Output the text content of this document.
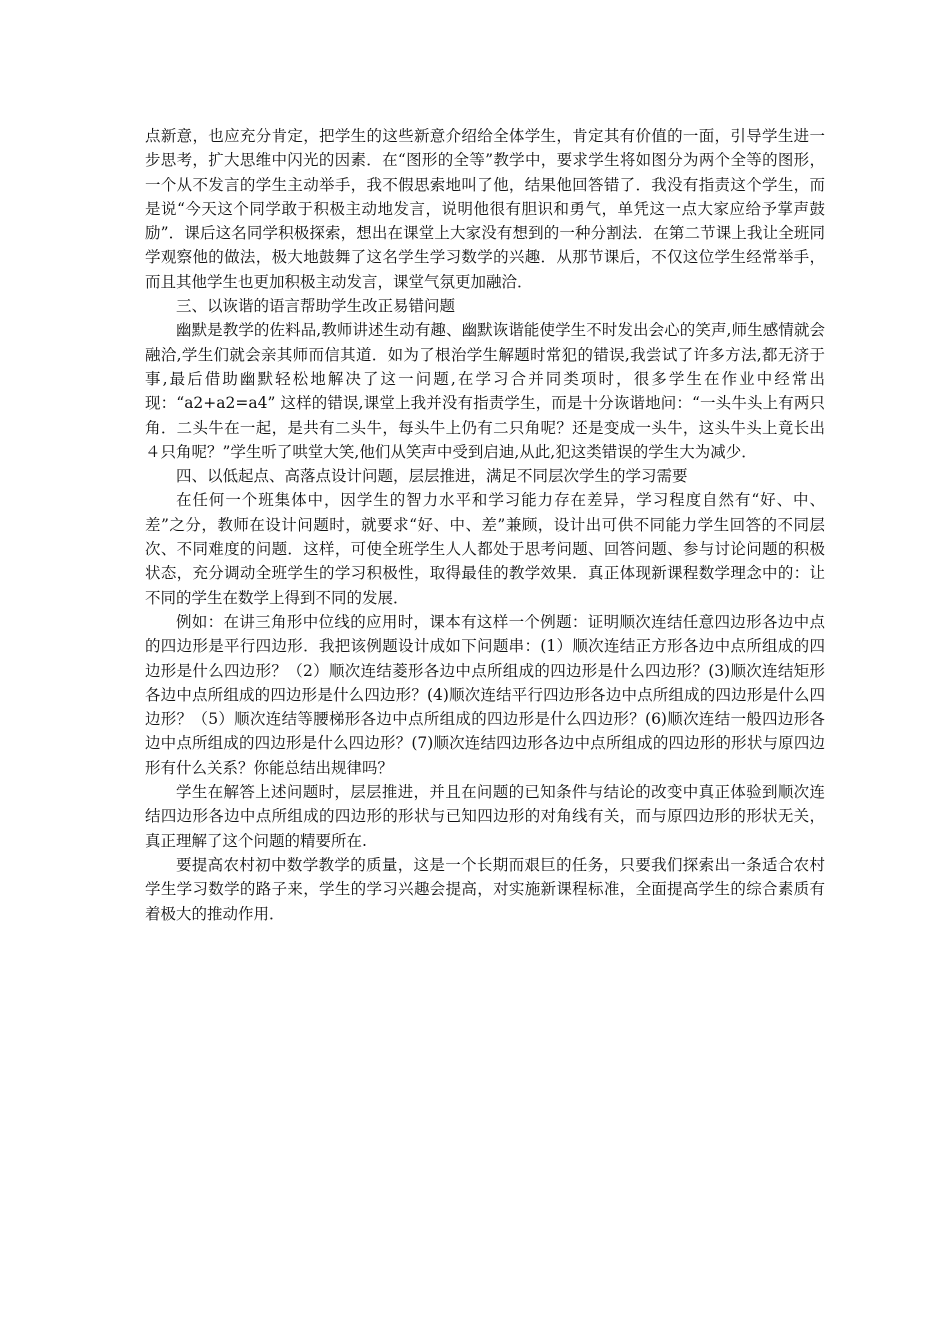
点新意，也应充分肯定，把学生的这些新意介绍给全体学生，肯定其有价值的一面，引导学生进一步思考，扩大思维中闪光的因素．在“图形的全等”教学中，要求学生将如图分为两个全等的图形，一个从不发言的学生主动举手，我不假思索地叫了他，结果他回答错了．我没有指责这个学生，而是说“今天这个同学敢于积极主动地发言，说明他很有胆识和勇气，单凭这一点大家应给予掌声鼓励”．课后这名同学积极探索，想出在课堂上大家没有想到的一种分割法．在第二节课上我让全班同学观察他的做法，极大地鼓舞了这名学生学习数学的兴趣．从那节课后，不仅这位学生经常举手，而且其他学生也更加积极主动发言，课堂气氛更加融洽．

三、以诙谐的语言帮助学生改正易错问题

幽默是教学的佐料品,教师讲述生动有趣、幽默诙谐能使学生不时发出会心的笑声,师生感情就会融洽,学生们就会亲其师而信其道．如为了根治学生解题时常犯的错误,我尝试了许多方法,都无济于事,最后借助幽默轻松地解决了这一问题,在学习合并同类项时，很多学生在作业中经常出现：“a2+a2=a4” 这样的错误,课堂上我并没有指责学生，而是十分诙谐地问：“一头牛头上有两只角．二头牛在一起，是共有二头牛，每头牛上仍有二只角呢？还是变成一头牛，这头牛头上竟长出４只角呢？”学生听了哄堂大笑,他们从笑声中受到启迪,从此,犯这类错误的学生大为减少．

四、以低起点、高落点设计问题，层层推进，满足不同层次学生的学习需要

在任何一个班集体中，因学生的智力水平和学习能力存在差异，学习程度自然有“好、中、差”之分，教师在设计问题时，就要求“好、中、差”兼顾，设计出可供不同能力学生回答的不同层次、不同难度的问题．这样，可使全班学生人人都处于思考问题、回答问题、参与讨论问题的积极状态，充分调动全班学生的学习积极性，取得最佳的教学效果．真正体现新课程数学理念中的：让不同的学生在数学上得到不同的发展．

例如：在讲三角形中位线的应用时，课本有这样一个例题：证明顺次连结任意四边形各边中点的四边形是平行四边形．我把该例题设计成如下问题串：(1）顺次连结正方形各边中点所组成的四边形是什么四边形？（2）顺次连结菱形各边中点所组成的四边形是什么四边形？(3)顺次连结矩形各边中点所组成的四边形是什么四边形？(4)顺次连结平行四边形各边中点所组成的四边形是什么四边形？（5）顺次连结等腰梯形各边中点所组成的四边形是什么四边形？(6)顺次连结一般四边形各边中点所组成的四边形是什么四边形？(7)顺次连结四边形各边中点所组成的四边形的形状与原四边形有什么关系？你能总结出规律吗？

学生在解答上述问题时，层层推进，并且在问题的已知条件与结论的改变中真正体验到顺次连结四边形各边中点所组成的四边形的形状与已知四边形的对角线有关，而与原四边形的形状无关，真正理解了这个问题的精要所在.

要提高农村初中数学教学的质量，这是一个长期而艰巨的任务，只要我们探索出一条适合农村学生学习数学的路子来，学生的学习兴趣会提高，对实施新课程标准，全面提高学生的综合素质有着极大的推动作用．
